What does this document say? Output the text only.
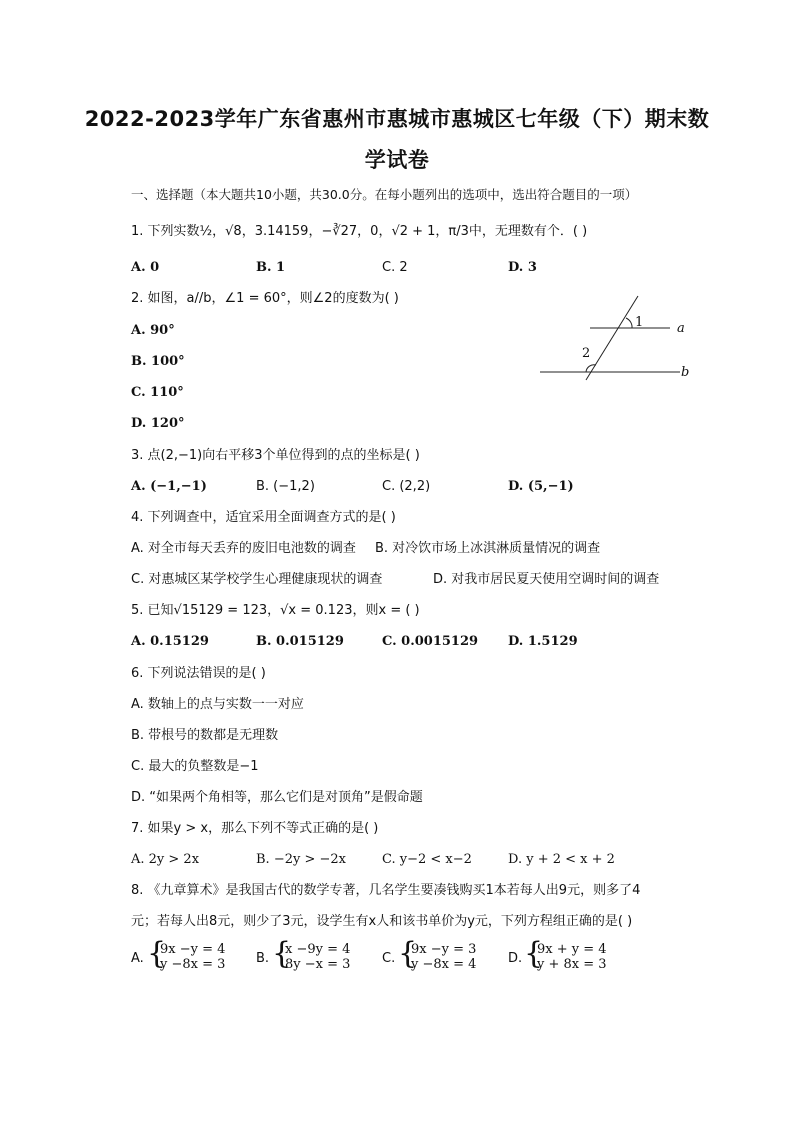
2022-2023学年广东省惠州市惠城市惠城区七年级（下）期末数
学试卷
一、选择题（本大题共10小题，共30.0分。在每小题列出的选项中，选出符合题目的一项）
1. 下列实数½，√8，3.14159，−∛27，0，√2 + 1，π/3中，无理数有个．( )
A. 0	B. 1	C. 2	D. 3
2. 如图，a//b，∠1 = 60°，则∠2的度数为( )
A. 90°
B. 100°
C. 110°
D. 120°
1	a
2
b
3. 点(2,−1)向右平移3个单位得到的点的坐标是( )
A. (−1,−1)	B. (−1,2)	C. (2,2)	D. (5,−1)
4. 下列调查中，适宜采用全面调查方式的是( )
A. 对全市每天丢弃的废旧电池数的调查 B. 对冷饮市场上冰淇淋质量情况的调查
C. 对惠城区某学校学生心理健康现状的调查	D. 对我市居民夏天使用空调时间的调查
5. 已知√15129 = 123，√x = 0.123，则x = ( )
A. 0.15129	B. 0.015129	C. 0.0015129 D. 1.5129
6. 下列说法错误的是( )
A. 数轴上的点与实数一一对应
B. 带根号的数都是无理数
C. 最大的负整数是−1
D. “如果两个角相等，那么它们是对顶角”是假命题
7. 如果y > x，那么下列不等式正确的是( )
A. 2y > 2x	B. −2y > −2x	C. y−2 < x−2	D. y + 2 < x + 2
8. 《九章算术》是我国古代的数学专著，几名学生要凑钱购买1本若每人出9元，则多了4
元；若每人出8元，则少了3元，设学生有x人和该书单价为y元，下列方程组正确的是( )
A. {
9x −y = 4
y −8x = 3 B. {
x −9y = 4
8y −x = 3 C. {
9x −y = 3
y −8x = 4 D. {
9x + y = 4
y + 8x = 3
